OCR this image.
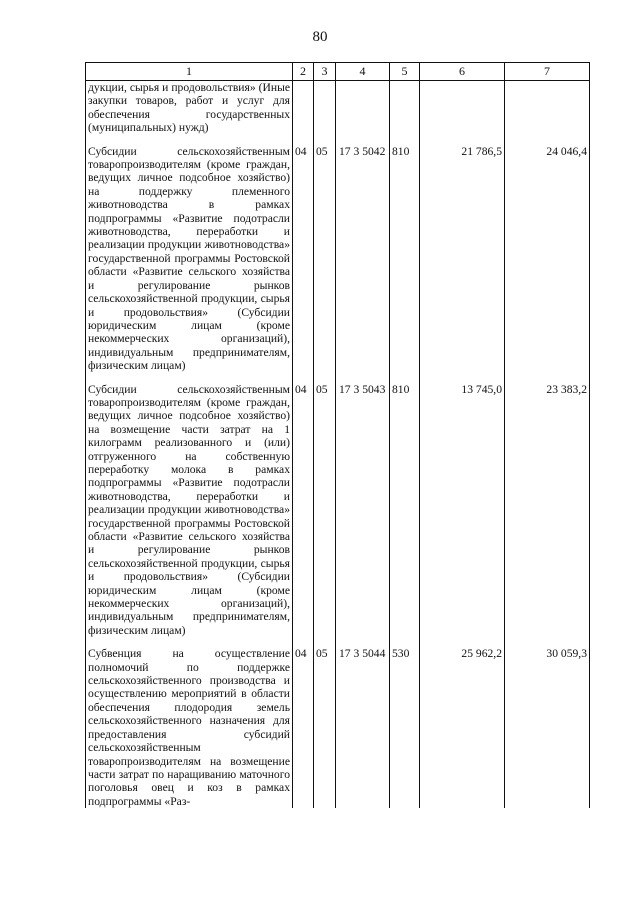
80
1	2	3	4	5	6	7
дукции, сырья и продовольствия» (Иные закупки товаров, работ и услуг для обеспечения государственных (муниципальных) нужд)						
Субсидии сельскохозяйственным товаропроизводителям (кроме граждан, ведущих личное подсобное хозяйство) на поддержку племенного животноводства в рамках подпрограммы «Развитие подотрасли животноводства, переработки и реализации продукции животноводства» государственной программы Ростовской области «Развитие сельского хозяйства и регулирование рынков сельскохозяйственной продукции, сырья и продовольствия» (Субсидии юридическим лицам (кроме некоммерческих организаций), индивидуальным предпринимателям, физическим лицам)	04	05	17 3 5042	810	21 786,5	24 046,4
Субсидии сельскохозяйственным товаропроизводителям (кроме граждан, ведущих личное подсобное хозяйство) на возмещение части затрат на 1 килограмм реализованного и (или) отгруженного на собственную переработку молока в рамках подпрограммы «Развитие подотрасли животноводства, переработки и реализации продукции животноводства» государственной программы Ростовской области «Развитие сельского хозяйства и регулирование рынков сельскохозяйственной продукции, сырья и продовольствия» (Субсидии юридическим лицам (кроме некоммерческих организаций), индивидуальным предпринимателям, физическим лицам)	04	05	17 3 5043	810	13 745,0	23 383,2
Субвенция на осуществление полномочий по поддержке сельскохозяйственного производства и осуществлению мероприятий в области обеспечения плодородия земель сельскохозяйственного назначения для предоставления субсидий сельскохозяйственным товаропроизводителям на возмещение части затрат по наращиванию маточного поголовья овец и коз в рамках подпрограммы «Раз-	04	05	17 3 5044	530	25 962,2	30 059,3
